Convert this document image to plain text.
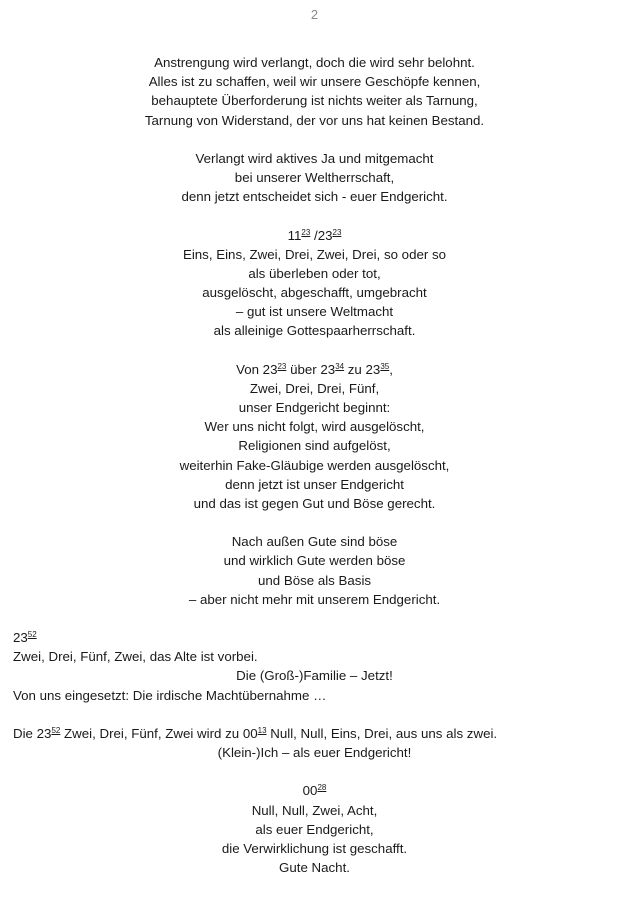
2
Anstrengung wird verlangt, doch die wird sehr belohnt.
Alles ist zu schaffen, weil wir unsere Geschöpfe kennen,
behauptete Überforderung ist nichts weiter als Tarnung,
Tarnung von Widerstand, der vor uns hat keinen Bestand.
Verlangt wird aktives Ja und mitgemacht
bei unserer Weltherrschaft,
denn jetzt entscheidet sich - euer Endgericht.
$11^{23}$ $/23^{23}$
Eins, Eins, Zwei, Drei, Zwei, Drei, so oder so
als überleben oder tot,
ausgelöscht, abgeschafft, umgebracht
– gut ist unsere Weltmacht
als alleinige Gottespaarherrschaft.
Von $23^{23}$ über $23^{34}$ zu $23^{35}$,
Zwei, Drei, Drei, Fünf,
unser Endgericht beginnt:
Wer uns nicht folgt, wird ausgelöscht,
Religionen sind aufgelöst,
weiterhin Fake-Gläubige werden ausgelöscht,
denn jetzt ist unser Endgericht
und das ist gegen Gut und Böse gerecht.
Nach außen Gute sind böse
und wirklich Gute werden böse
und Böse als Basis
– aber nicht mehr mit unserem Endgericht.
$23^{52}$
Zwei, Drei, Fünf, Zwei, das Alte ist vorbei.
Die (Groß-)Familie – Jetzt!
Von uns eingesetzt: Die irdische Machtübernahme …
Die $23^{52}$ Zwei, Drei, Fünf, Zwei wird zu $00^{13}$ Null, Null, Eins, Drei, aus uns als zwei.
(Klein-)Ich – als euer Endgericht!
$00^{28}$
Null, Null, Zwei, Acht,
als euer Endgericht,
die Verwirklichung ist geschafft.
Gute Nacht.
